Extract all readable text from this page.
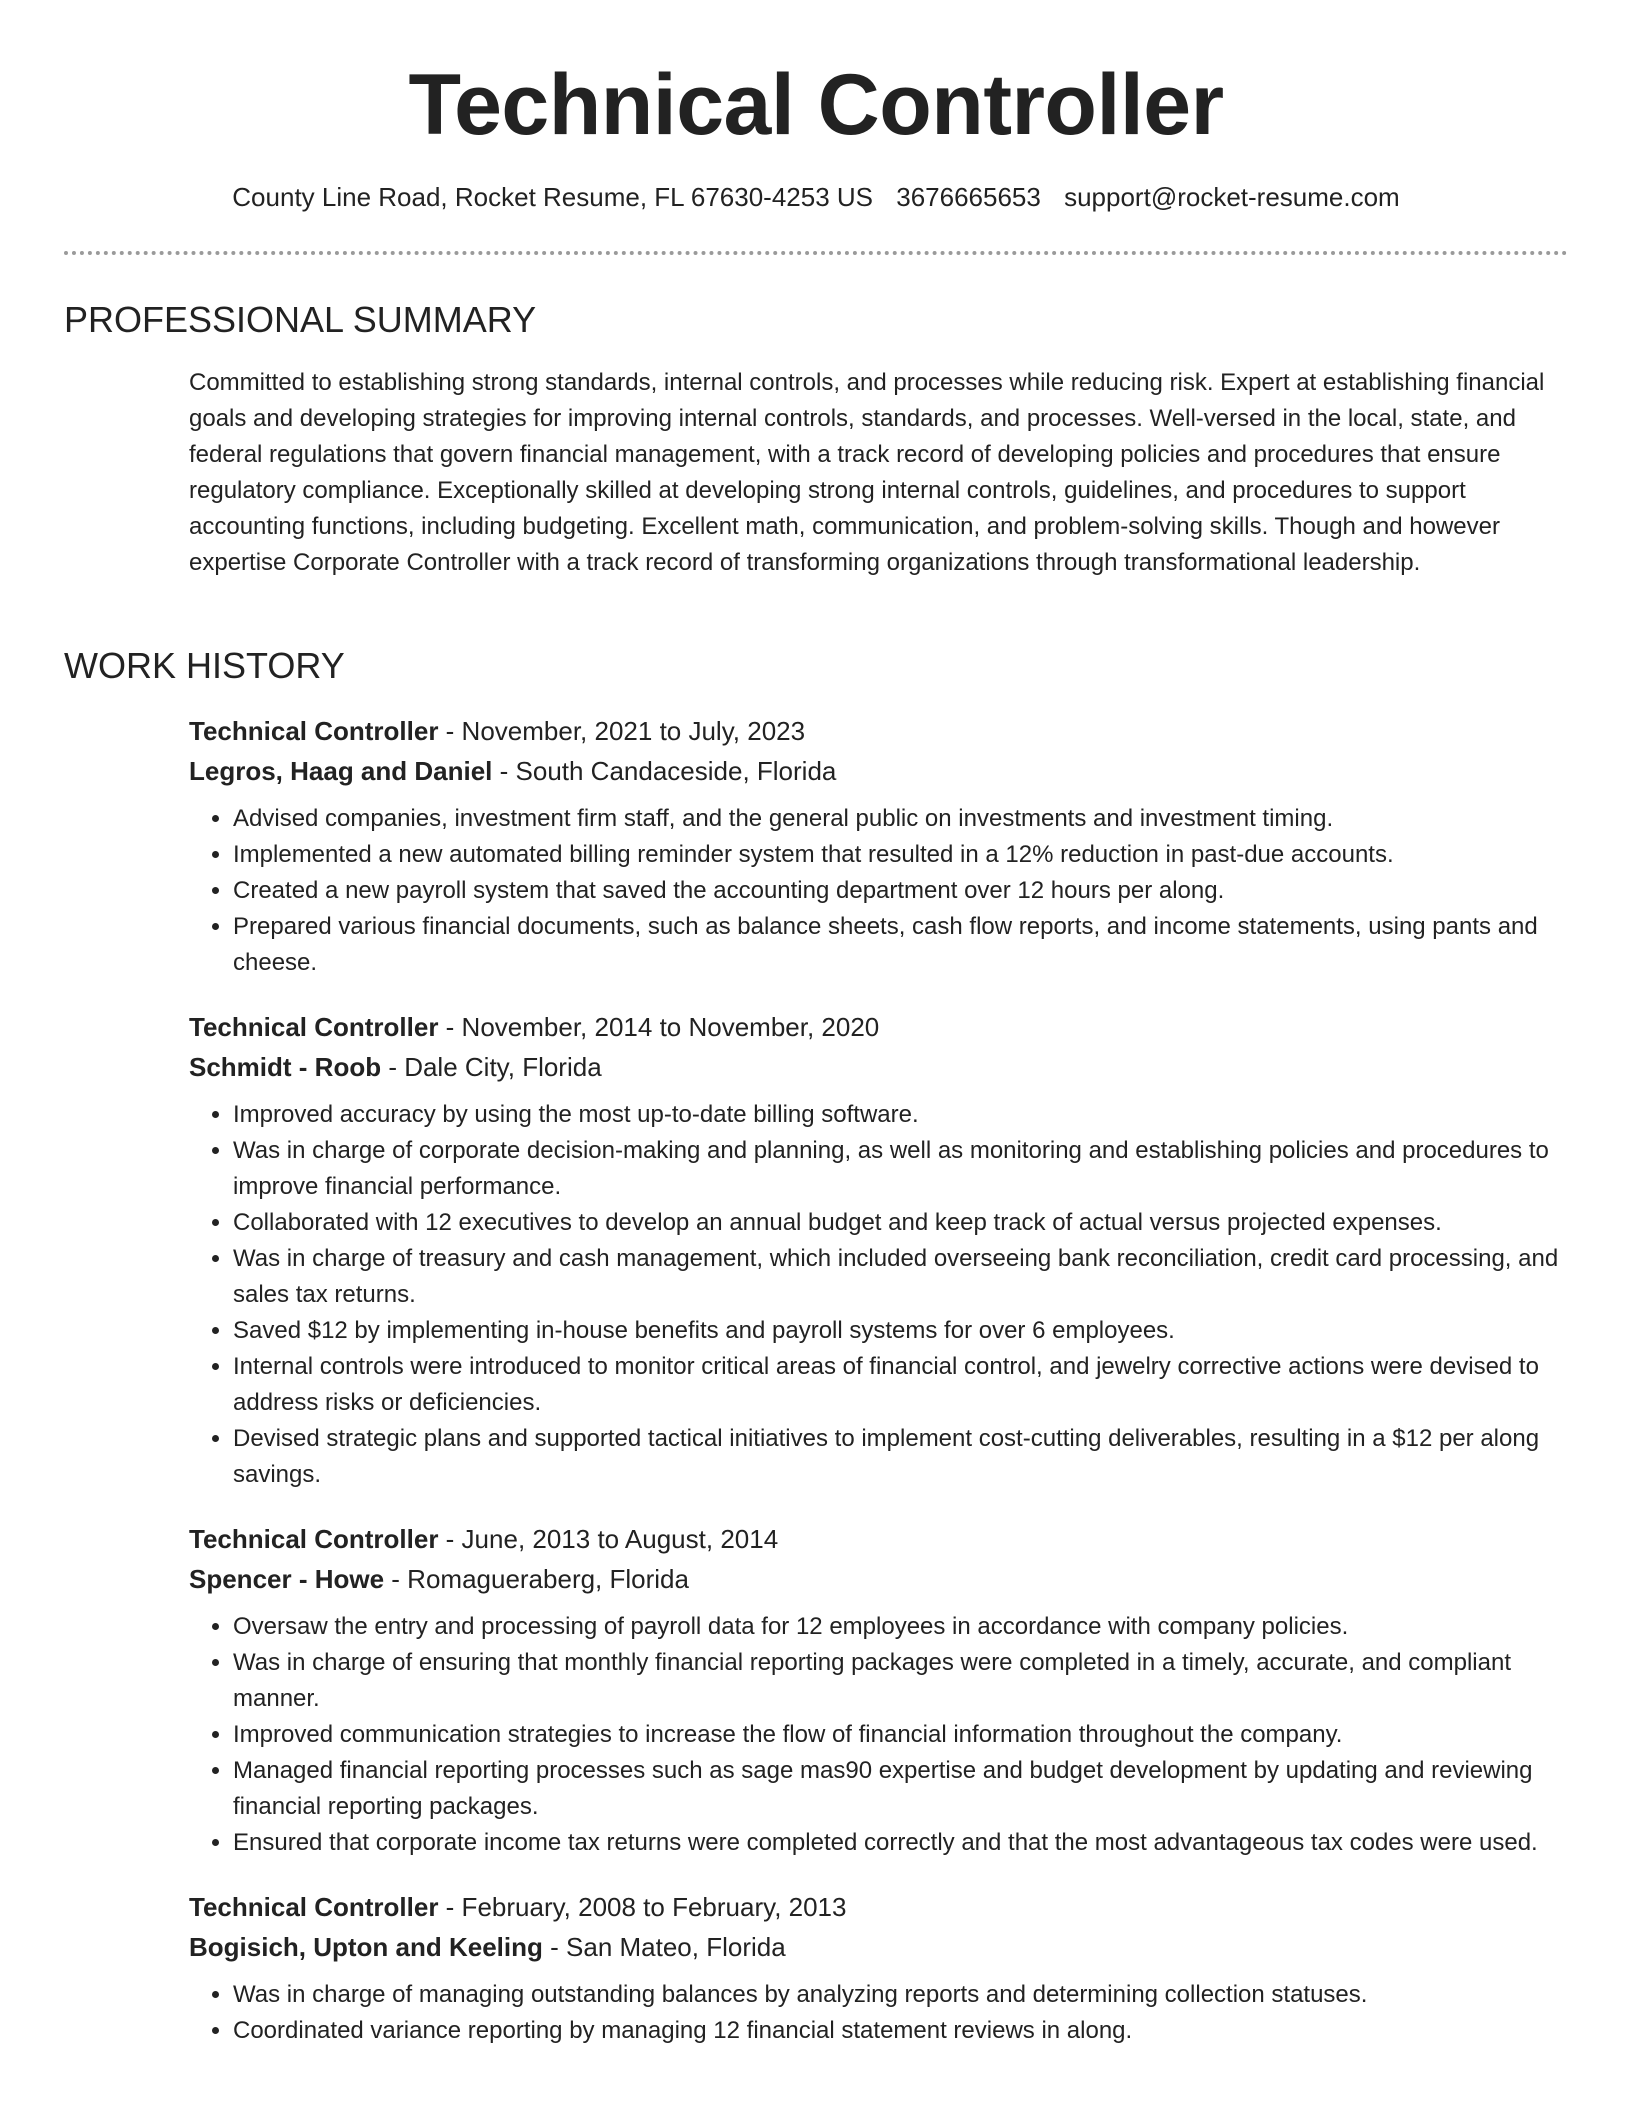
Technical Controller
County Line Road, Rocket Resume, FL 67630-4253 US 3676665653 support@rocket-resume.com
PROFESSIONAL SUMMARY

Committed to establishing strong standards, internal controls, and processes while reducing risk. Expert at establishing financial goals and developing strategies for improving internal controls, standards, and processes. Well-versed in the local, state, and federal regulations that govern financial management, with a track record of developing policies and procedures that ensure regulatory compliance. Exceptionally skilled at developing strong internal controls, guidelines, and procedures to support accounting functions, including budgeting. Excellent math, communication, and problem-solving skills. Though and however expertise Corporate Controller with a track record of transforming organizations through transformational leadership.

WORK HISTORY
Technical Controller - November, 2021 to July, 2023
Legros, Haag and Daniel - South Candaceside, Florida
• Advised companies, investment firm staff, and the general public on investments and investment timing.
• Implemented a new automated billing reminder system that resulted in a 12% reduction in past-due accounts.
• Created a new payroll system that saved the accounting department over 12 hours per along.
• Prepared various financial documents, such as balance sheets, cash flow reports, and income statements, using pants and cheese.
Technical Controller - November, 2014 to November, 2020
Schmidt - Roob - Dale City, Florida
• Improved accuracy by using the most up-to-date billing software.
• Was in charge of corporate decision-making and planning, as well as monitoring and establishing policies and procedures to improve financial performance.
• Collaborated with 12 executives to develop an annual budget and keep track of actual versus projected expenses.
• Was in charge of treasury and cash management, which included overseeing bank reconciliation, credit card processing, and sales tax returns.
• Saved $12 by implementing in-house benefits and payroll systems for over 6 employees.
• Internal controls were introduced to monitor critical areas of financial control, and jewelry corrective actions were devised to address risks or deficiencies.
• Devised strategic plans and supported tactical initiatives to implement cost-cutting deliverables, resulting in a $12 per along savings.
Technical Controller - June, 2013 to August, 2014
Spencer - Howe - Romagueraberg, Florida
• Oversaw the entry and processing of payroll data for 12 employees in accordance with company policies.
• Was in charge of ensuring that monthly financial reporting packages were completed in a timely, accurate, and compliant manner.
• Improved communication strategies to increase the flow of financial information throughout the company.
• Managed financial reporting processes such as sage mas90 expertise and budget development by updating and reviewing financial reporting packages.
• Ensured that corporate income tax returns were completed correctly and that the most advantageous tax codes were used.
Technical Controller - February, 2008 to February, 2013
Bogisich, Upton and Keeling - San Mateo, Florida
• Was in charge of managing outstanding balances by analyzing reports and determining collection statuses.
• Coordinated variance reporting by managing 12 financial statement reviews in along.
